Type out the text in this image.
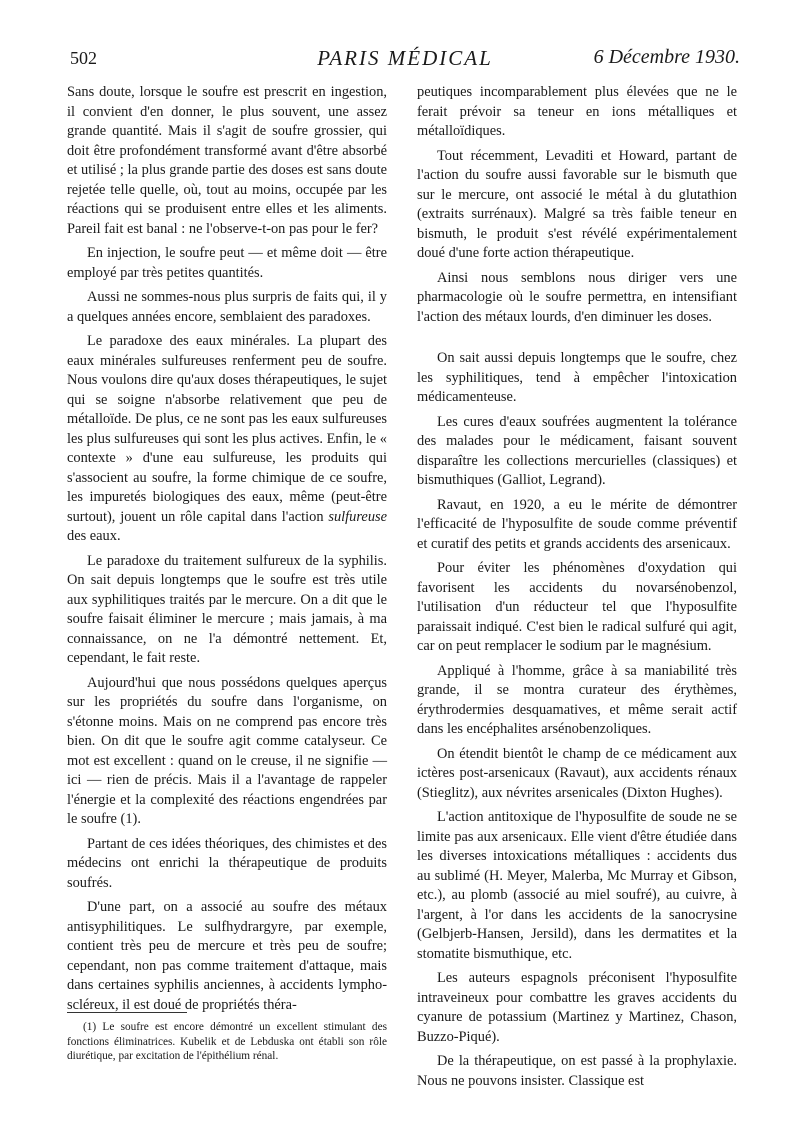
502	PARIS MÉDICAL	6 Décembre 1930.

Sans doute, lorsque le soufre est prescrit en ingestion, il convient d'en donner, le plus souvent, une assez grande quantité. Mais il s'agit de soufre grossier, qui doit être profondément transformé avant d'être absorbé et utilisé ; la plus grande partie des doses est sans doute rejetée telle quelle, où, tout au moins, occupée par les réactions qui se produisent entre elles et les aliments. Pareil fait est banal : ne l'observe-t-on pas pour le fer?

En injection, le soufre peut — et même doit — être employé par très petites quantités.

Aussi ne sommes-nous plus surpris de faits qui, il y a quelques années encore, semblaient des paradoxes.

Le paradoxe des eaux minérales. La plupart des eaux minérales sulfureuses renferment peu de soufre. Nous voulons dire qu'aux doses thérapeutiques, le sujet qui se soigne n'absorbe relativement que peu de métalloïde. De plus, ce ne sont pas les eaux sulfureuses les plus sulfureuses qui sont les plus actives. Enfin, le « contexte » d'une eau sulfureuse, les produits qui s'associent au soufre, la forme chimique de ce soufre, les impuretés biologiques des eaux, même (peut-être surtout), jouent un rôle capital dans l'action sulfureuse des eaux.

Le paradoxe du traitement sulfureux de la syphilis. On sait depuis longtemps que le soufre est très utile aux syphilitiques traités par le mercure. On a dit que le soufre faisait éliminer le mercure ; mais jamais, à ma connaissance, on ne l'a démontré nettement. Et, cependant, le fait reste.

Aujourd'hui que nous possédons quelques aperçus sur les propriétés du soufre dans l'organisme, on s'étonne moins. Mais on ne comprend pas encore très bien. On dit que le soufre agit comme catalyseur. Ce mot est excellent : quand on le creuse, il ne signifie — ici — rien de précis. Mais il a l'avantage de rappeler l'énergie et la complexité des réactions engendrées par le soufre (1).

Partant de ces idées théoriques, des chimistes et des médecins ont enrichi la thérapeutique de produits soufrés.

D'une part, on a associé au soufre des métaux antisyphilitiques. Le sulfhydrargyre, par exemple, contient très peu de mercure et très peu de soufre; cependant, non pas comme traitement d'attaque, mais dans certaines syphilis anciennes, à accidents lympho-scléreux, il est doué de propriétés théra-

peutiques incomparablement plus élevées que ne le ferait prévoir sa teneur en ions métalliques et métalloïdiques.

Tout récemment, Levaditi et Howard, partant de l'action du soufre aussi favorable sur le bismuth que sur le mercure, ont associé le métal à du glutathion (extraits surrénaux). Malgré sa très faible teneur en bismuth, le produit s'est révélé expérimentalement doué d'une forte action thérapeutique.

Ainsi nous semblons nous diriger vers une pharmacologie où le soufre permettra, en intensifiant l'action des métaux lourds, d'en diminuer les doses.

On sait aussi depuis longtemps que le soufre, chez les syphilitiques, tend à empêcher l'intoxication médicamenteuse.

Les cures d'eaux soufrées augmentent la tolérance des malades pour le médicament, faisant souvent disparaître les collections mercurielles (classiques) et bismuthiques (Galliot, Legrand).

Ravaut, en 1920, a eu le mérite de démontrer l'efficacité de l'hyposulfite de soude comme préventif et curatif des petits et grands accidents des arsenicaux.

Pour éviter les phénomènes d'oxydation qui favorisent les accidents du novarsénobenzol, l'utilisation d'un réducteur tel que l'hyposulfite paraissait indiqué. C'est bien le radical sulfuré qui agit, car on peut remplacer le sodium par le magnésium.

Appliqué à l'homme, grâce à sa maniabilité très grande, il se montra curateur des érythèmes, érythrodermies desquamatives, et même serait actif dans les encéphalites arsénobenzoliques.

On étendit bientôt le champ de ce médicament aux ictères post-arsenicaux (Ravaut), aux accidents rénaux (Stieglitz), aux névrites arsenicales (Dixton Hughes).

L'action antitoxique de l'hyposulfite de soude ne se limite pas aux arsenicaux. Elle vient d'être étudiée dans les diverses intoxications métalliques : accidents dus au sublimé (H. Meyer, Malerba, Mc Murray et Gibson, etc.), au plomb (associé au miel soufré), au cuivre, à l'argent, à l'or dans les accidents de la sanocrysine (Gelbjerb-Hansen, Jersild), dans les dermatites et la stomatite bismuthique, etc.

Les auteurs espagnols préconisent l'hyposulfite intraveineux pour combattre les graves accidents du cyanure de potassium (Martinez y Martinez, Chason, Buzzo-Piqué).

De la thérapeutique, on est passé à la prophylaxie. Nous ne pouvons insister. Classique est

(1) Le soufre est encore démontré un excellent stimulant des fonctions éliminatrices. Kubelik et de Lebduska ont établi son rôle diurétique, par excitation de l'épithélium rénal.
